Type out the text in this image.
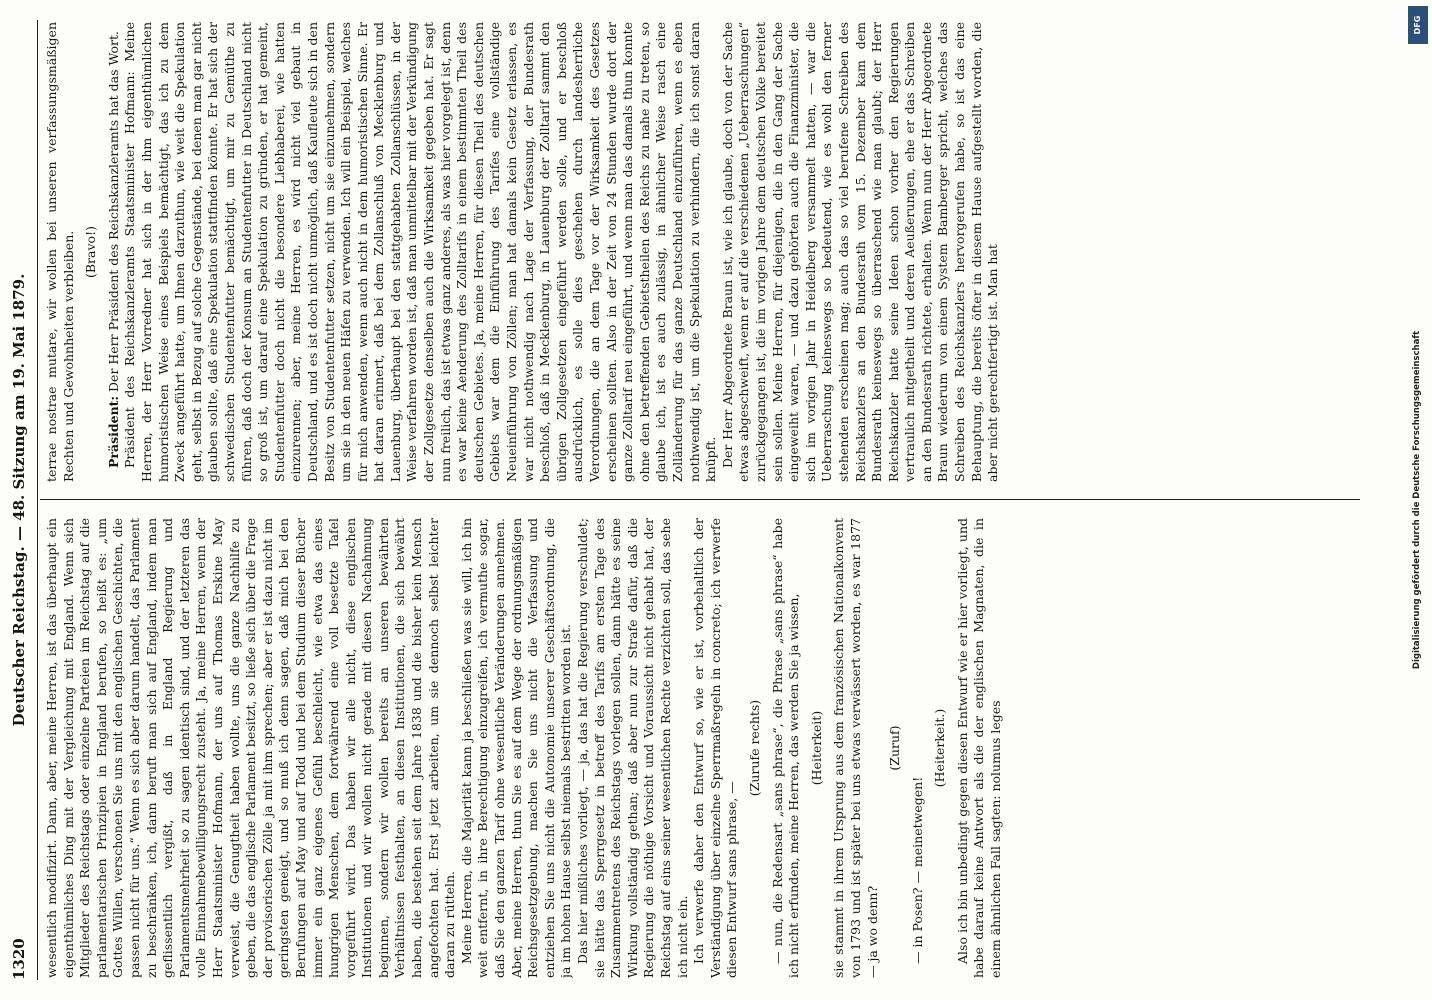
1320
Deutscher Reichstag. — 48. Sitzung am 19. Mai 1879.

wesentlich modifizirt. Dann, aber, meine Herren, ist das überhaupt ein eigenthümliches Ding mit der Vergleichung mit England. Wenn sich Mitglieder des Reichstags oder einzelne Parteien im Reichstag auf die parlamentarischen Prinzipien in England berufen, so heißt es: „um Gottes Willen, verschonen Sie uns mit den englischen Geschichten, die passen nicht für uns.“ Wenn es sich aber darum handelt, das Parlament zu beschränken, ich, dann beruft man sich auf England, indem man geflissentlich vergißt, daß in England Regierung und Parlamentsmehrheit so zu sagen identisch sind, und der letzteren das volle Einnahmebewilligungsrecht zusteht. Ja, meine Herren, wenn der Herr Staatsminister Hofmann, der uns auf Thomas Erskine May verweist, die Genugtheit haben wollte, uns die ganze Nachhilfe zu geben, die das englische Parlament besitzt, so ließe sich über die Frage der provisorischen Zölle ja mit ihm sprechen; aber er ist dazu nicht im geringsten geneigt, und so muß ich denn sagen, daß mich bei den Berufungen auf May und auf Todd und bei dem Studium dieser Bücher immer ein ganz eigenes Gefühl beschleicht, wie etwa das eines hungrigen Menschen, dem fortwährend eine voll besetzte Tafel vorgeführt wird. Das haben wir alle nicht, diese englischen Institutionen und wir wollen nicht gerade mit diesen Nachahmung beginnen, sondern wir wollen bereits an unseren bewährten Verhältnissen festhalten, an diesen Institutionen, die sich bewährt haben, die bestehen seit dem Jahre 1838 und die bisher kein Mensch angefochten hat. Erst jetzt arbeiten, um sie dennoch selbst leichter daran zu rütteln. Meine Herren, die Majorität kann ja beschließen was sie will, ich bin weit entfernt, in ihre Berechtigung einzugreifen, ich vermuthe sogar, daß Sie den ganzen Tarif ohne wesentliche Veränderungen annehmen. Aber, meine Herren, thun Sie es auf dem Wege der ordnungsmäßigen Reichsgesetzgebung, machen Sie uns nicht die Verfassung und entziehen Sie uns nicht die Autonomie unserer Geschäftsordnung, die ja im hohen Hause selbst niemals bestritten worden ist. Das hier mißliches vorliegt, — ja, das hat die Regierung verschuldet; sie hätte das Sperrgesetz in betreff des Tarifs am ersten Tage des Zusammentretens des Reichstags vorlegen sollen, dann hätte es seine Wirkung vollständig gethan; daß aber nun zur Strafe dafür, daß die Regierung die nöthige Vorsicht und Voraussicht nicht gehabt hat, der Reichstag auf eins seiner wesentlichen Rechte verzichten soll, das sehe ich nicht ein. Ich verwerfe daher den Entwurf so, wie er ist, vorbehaltlich der Verständigung über einzelne Sperrmaßregeln in concreto; ich verwerfe diesen Entwurf sans phrase, —

(Zurufe rechts) — nun, die Redensart „sans phrase“, die Phrase „sans phrase“ habe ich nicht erfunden, meine Herren, das werden Sie ja wissen, (Heiterkeit) sie stammt in ihrem Ursprung aus dem französischen Nationalkonvent von 1793 und ist später bei uns etwas verwässert worden, es war 1877 — ja wo denn?

(Zuruf)

— in Posen? — meinetwegen!

(Heiterkeit.) Also ich bin unbedingt gegen diesen Entwurf wie er hier vorliegt, und habe darauf keine Antwort als die der englischen Magnaten, die in einem ähnlichen Fall sagten: nolumus leges

terrae nostrae mutare, wir wollen bei unseren verfassungsmäßigen Rechten und Gewohnheiten verbleiben. (Bravo!)

Präsident: Der Herr Präsident des Reichskanzleramts hat das Wort. Präsident des Reichskanzleramts Staatsminister Hofmann: Meine Herren, der Herr Vorredner hat sich in der ihm eigenthümlichen humoristischen Weise eines Beispiels bemächtigt, das ich zu dem Zweck angeführt hatte, um Ihnen darzuthun, wie weit die Spekulation geht, selbst in Bezug auf solche Gegenstände, bei denen man gar nicht glauben sollte, daß eine Spekulation stattfinden könnte. Er hat sich der schwedischen Studentenfutter bemächtigt, um mir zu Gemüthe zu führen, daß doch der Konsum an Studentenfutter in Deutschland nicht so groß ist, um darauf eine Spekulation zu gründen, er hat gemeint, Studentenfutter doch nicht die besondere Liebhaberei, wie hatten einzurennen; aber, meine Herren, es wird nicht viel gebaut in Deutschland, und es ist doch nicht unmöglich, daß Kaufleute sich in den Besitz von Studentenfutter setzen, nicht um sie einzunehmen, sondern um sie in den neuen Häfen zu verwenden. Ich will ein Beispiel, welches für mich anwenden, wenn auch nicht in dem humoristischen Sinne. Er hat daran erinnert, daß bei dem Zollanschluß von Mecklenburg und Lauenburg, überhaupt bei den stattgehabten Zollanschlüssen, in der Weise verfahren worden ist, daß man unmittelbar mit der Verkündigung der Zollgesetze denselben auch die Wirksamkeit gegeben hat. Er sagt nun freilich, das ist etwas ganz anderes, als was hier vorgelegt ist, denn es war keine Aenderung des Zolltarifs in einem bestimmten Theil des deutschen Gebietes. Ja, meine Herren, für diesen Theil des deutschen Gebiets war dem die Einführung des Tarifes eine vollständige Neueinführung von Zöllen; man hat damals kein Gesetz erlassen, es war nicht nothwendig nach Lage der Verfassung, der Bundesrath beschloß, daß in Mecklenburg, in Lauenburg der Zolltarif sammt den übrigen Zollgesetzen eingeführt werden solle, und er beschloß ausdrücklich, es solle dies geschehen durch landesherrliche Verordnungen, die an dem Tage vor der Wirksamkeit des Gesetzes erscheinen sollten. Also in der Zeit von 24 Stunden wurde dort der ganze Zolltarif neu eingeführt, und wenn man das damals thun konnte ohne den betreffenden Gebietstheilen des Reichs zu nahe zu treten, so glaube ich, ist es auch zulässig, in ähnlicher Weise rasch eine Zolländerung für das ganze Deutschland einzuführen, wenn es eben nothwendig ist, um die Spekulation zu verhindern, die ich sonst daran knüpft. Der Herr Abgeordnete Braun ist, wie ich glaube, doch von der Sache etwas abgeschweift, wenn er auf die verschiedenen „Ueberraschungen“ zurückgegangen ist, die im vorigen Jahre dem deutschen Volke bereitet sein sollen. Meine Herren, für diejenigen, die in den Gang der Sache eingeweiht waren, — und dazu gehörten auch die Finanzminister, die sich im vorigen Jahr in Heidelberg versammelt hatten, — war die Ueberraschung keineswegs so bedeutend, wie es wohl den ferner stehenden erscheinen mag; auch das so viel berufene Schreiben des Reichskanzlers an den Bundesrath vom 15. Dezember kam dem Bundesrath keineswegs so überraschend wie man glaubt; der Herr Reichskanzler hatte seine Ideen schon vorher den Regierungen vertraulich mitgetheilt und deren Aeußerungen, ehe er das Schreiben an den Bundesrath richtete, erhalten. Wenn nun der Herr Abgeordnete Braun wiederum von einem System Bamberger spricht, welches das Schreiben des Reichskanzlers hervorgerufen habe, so ist das eine Behauptung, die bereits öfter in diesem Hause aufgestellt worden, die aber nicht gerechtfertigt ist. Man hat

DFG
Digitalisierung gefördert durch die Deutsche Forschungsgemeinschaft
